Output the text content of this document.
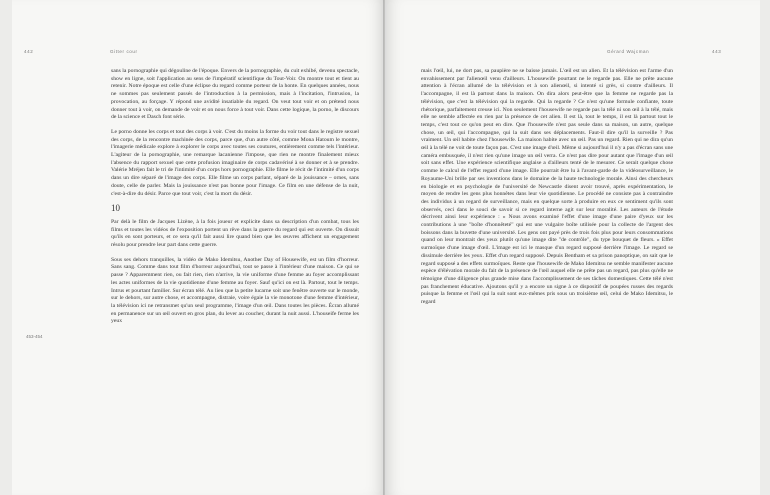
442	Gitter cour
453-454

sans la pornographie qui dégouline de l'époque. Envers de la pornographie, du cuit exhibé, devenu spectacle, show en ligne, soit l'application au sens de l'impératif scientifique du Tout-Voir. On montre tout et tient au retenir. Notre époque est celle d'une éclipse du regard comme porteur de la honte. En quelques années, nous ne sommes pas seulement passés de l'introduction à la permission, mais à l'incitation, l'intrusion, la provocation, au forçage. Y répond une avidité insatiable du regard. On veut tout voir et on prétend nous donner tout à voir, on demande de voir et on nous force à tout voir. Dans cette logique, la porno, le discours de la science et Dasch font série.

Le porno donne les corps et tout des corps à voir. C'est du moins la forme du voir tout dans le registre sexuel des corps, de la rencontre machinée des corps, parce que, d'un autre côté, comme Mona Hatoum le montre, l'imagerie médicale explore à explorer le corps avec toutes ses coutures, entièrement comme tels l'intérieur. L'agiteur de la pornographie, une remarque lacanienne l'impose, que rien ne montre finalement mieux l'absence du rapport sexuel que cette profusion imaginaire de corps cadavérisé à se donner et à se prendre. Valérie Mréjen fait le tri de l'intimité d'un corps hors pornographie. Elle filme le récit de l'intimité d'un corps dans un dire séparé de l'image des corps. Elle filme un corps parlant, séparé de la jouissance – ornes, sans doute, celle de parler. Mais la jouissance n'est pas bonne pour l'image. Ce film en une défense de la nuit, c'est-à-dire du désir. Parce que tout voir, c'est la mort du désir.

10

Par delà le film de Jacques Lizène, à la fois joueur et explicite dans sa description d'un combat, tous les films et toutes les vidéos de l'exposition portent un rêve dans la guerre du regard qui est ouverte. On dissuit qu'ils en sont porteurs, et ce sera qu'il fait aussi lire quand bien que les œuvres affichent un engagement résolu pour prendre leur part dans cette guerre.

Sous ses dehors tranquilles, la vidéo de Mako Idemitsu, Another Day of Housewife, est un film d'horreur. Sans sang. Comme dans tout film d'horreur aujourd'hui, tout se passe à l'intérieur d'une maison. Ce qui se passe ? Apparemment rien, ou fait rien, rien n'arrive, la vie uniforme d'une femme au foyer accomplissant les actes uniformes de la vie quotidienne d'une femme au foyer. Sauf qu'ici on est là. Partout, tout le temps. Intrus et pourtant familier. Sur écran télé. Au lieu que la petite lucarne soit une fenêtre ouverte sur le monde, sur le dehors, sur autre chose, et accompagne, distraie, voire égaie la vie monotone d'une femme d'intérieur, la télévision ici ne retransmet qu'un seul programme, l'image d'un œil. Dans toutes les pièces. Écran allumé en permanence sur un œil ouvert en gros plan, du lever au coucher, durant la nuit aussi. L'houseife ferme les yeux

Gérard Wajcman	443

mais l'œil, lui, ne dort pas, sa paupière ne se baisse jamais. L'œil est un alien. Et la télévision est l'arme d'un envahissement par l'alienœil venu d'ailleurs. L'housewife pourtant ne le regarde pas. Elle ne prête aucune attention à l'écran allumé de la télévision et à son alienœil, si intenté si grès, si contre d'ailleurs. Il l'accompagne, il est là partout dans la maison. On dira alors peut-être que la femme ne regarde pas la télévision, que c'est la télévision qui la regarde. Qui la regarde ? Ce n'est qu'une formule confiante, toute rhétorique, parfaitement creuse ici. Non seulement l'housewife ne regarde pas la télé ni son œil à la télé, mais elle ne semble affectée en rien par la présence de cet alien. Il est là, tout le temps, il est là partout tout le temps, c'est tout ce qu'on peut en dire. Que l'housewife n'est pas seule dans sa maison, un autre, quelque chose, un œil, qui l'accompagne, qui la suit dans ses déplacements. Faut-il dire qu'il la surveille ? Pas vraiment. Un œil habite chez l'housewife. La maison habite avec un œil. Pas un regard. Rien qui ne dira qu'un œil à la télé ne voit de toute façon pas. C'est une image d'œil. Même si aujourd'hui il n'y a pas d'écran sans une caméra embusquée, il n'est rien qu'une image un œil verra. Ce n'est pas dire pour autant que l'image d'un œil soit sans effet. Une expérience scientifique anglaise a d'ailleurs tenté de le mesurer. Ce serait quelque chose comme le calcul de l'effet regard d'une image. Elle pourrait être lu à l'avant-garde de la vidéosurveillance, le Royaume-Uni brille par ses inventions dans le domaine de la haute technologie morale. Ainsi des chercheurs en biologie et en psychologie de l'université de Newcastle disent avoir trouvé, après expérimentation, le moyen de rendre les gens plus honnêtes dans leur vie quotidienne. Le procédé ne consiste pas à contraindre des individus à un regard de surveillance, mais en quelque sorte à produire en eux ce sentiment qu'ils sont observés, ceci dans le souci de savoir si ce regard interne agit sur leur moralité. Les auteurs de l'étude décrivent ainsi leur expérience : « Nous avons examiné l'effet d'une image d'une paire d'yeux sur les contributions à une "boîte d'honnêteté" qui est une vulgaire boîte utilisée pour la collecte de l'argent des boissons dans la buvette d'une université. Les gens ont payé près de trois fois plus pour leurs consommations quand on leur montrait des yeux plutôt qu'une image dite "de contrôle", du type bouquet de fleurs. » Effet surmoïque d'une image d'œil. L'image est ici le masque d'un regard supposé derrière l'image. Le regard se dissimule derrière les yeux. Effet d'un regard supposé. Depuis Bentham et sa prison panoptique, on sait que le regard supposé a des effets surmoïques. Reste que l'housewife de Mako Idemitsu ne semble manifester aucune espèce d'élévation morale du fait de la présence de l'œil auquel elle ne prête pas un regard, pas plus qu'elle ne témoigne d'une diligence plus grande mise dans l'accomplissement de ses tâches domestiques. Cette télé n'est pas franchement éducative. Ajoutons qu'il y a encore un signe à ce dispositif de poupées russes des regards puisque la femme et l'œil qui la suit sont eux-mêmes pris sous un troisième œil, celui de Mako Idemitsu, le regard
